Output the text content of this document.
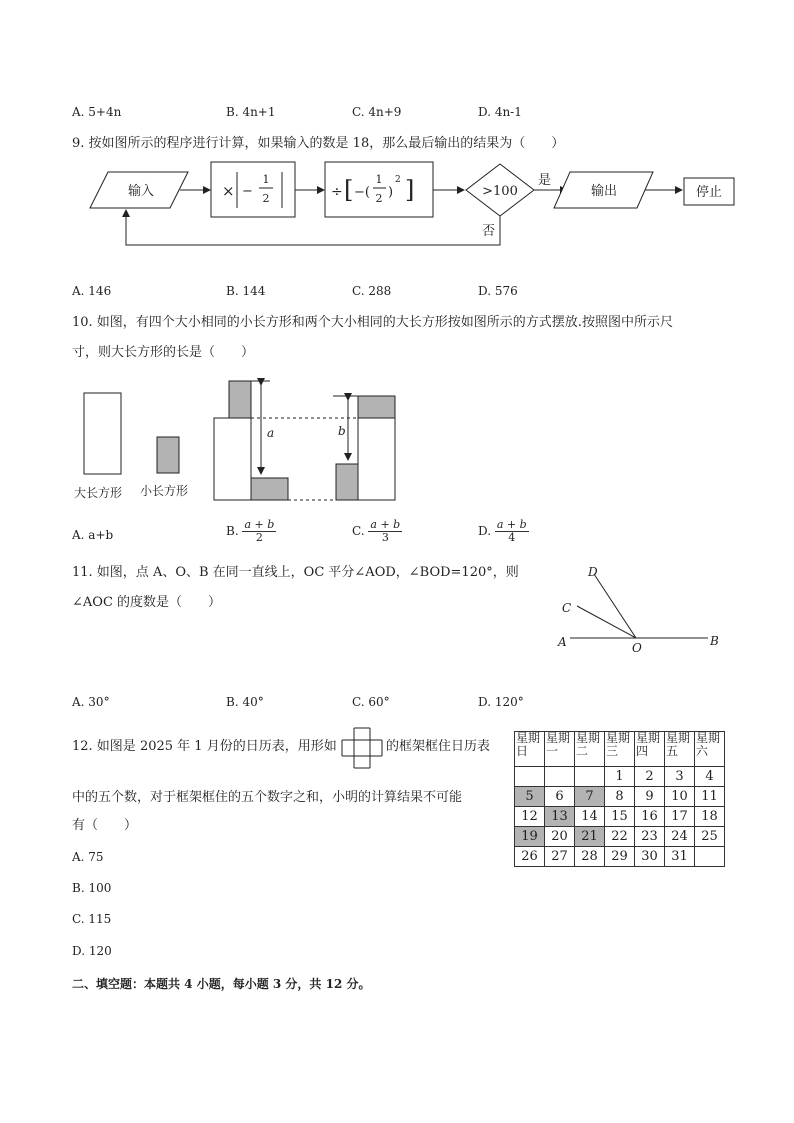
A. 5+4n	B. 4n+1	C. 4n+9	D. 4n-1
9. 按如图所示的程序进行计算，如果输入的数是 18，那么最后输出的结果为（　　）
输入	× −
1
2	÷ [ −(
1
2 )
2 ]	>100
是
输出	停止
否
A. 146	B. 144	C. 288	D. 576
10. 如图，有四个大小相同的小长方形和两个大小相同的大长方形按如图所示的方式摆放.按照图中所示尺
寸，则大长方形的长是（　　）
大长方形 小长方形
a	b
A. a+b	B. $\frac{a + b}{2}$	C. $\frac{a + b}{3}$	D. $\frac{a + b}{4}$
11. 如图，点 A、O、B 在同一直线上，OC 平分∠AOD，∠BOD=120°，则
∠AOC 的度数是（　　）
A	O	B
C
D
A. 30°	B. 40°	C. 60°	D. 120°
12. 如图是 2025 年 1 月份的日历表，用形如	的框架框住日历表
中的五个数，对于框架框住的五个数字之和，小明的计算结果不可能
有（　　）
A. 75
B. 100
C. 115
D. 120
星期日	星期一	星期二	星期三	星期四	星期五	星期六
			1	2	3	4
5	6	7	8	9	10	11
12	13	14	15	16	17	18
19	20	21	22	23	24	25
26	27	28	29	30	31	
二、填空题：本题共 4 小题，每小题 3 分，共 12 分。
